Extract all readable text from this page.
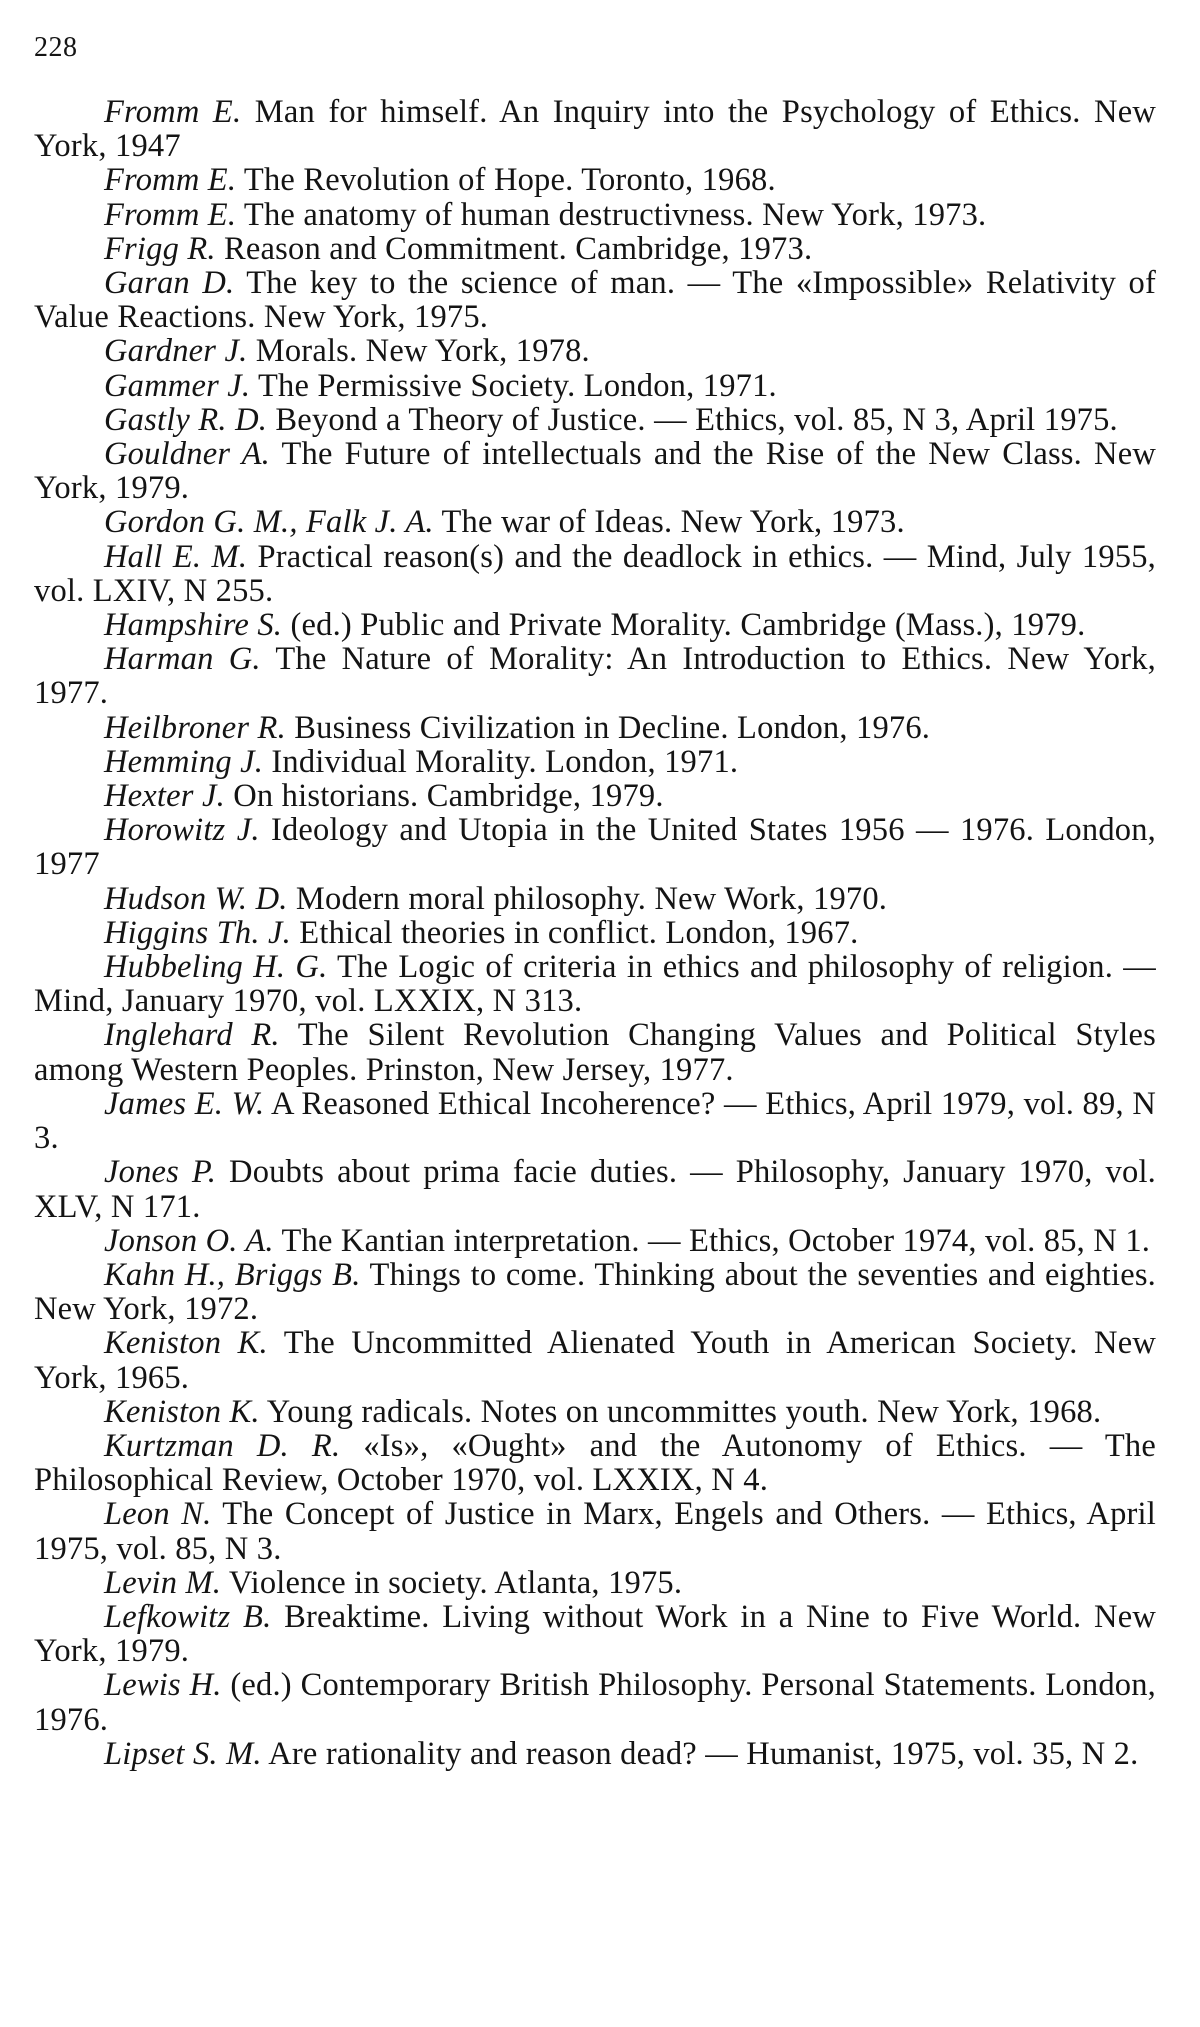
228

Fromm E. Man for himself. An Inquiry into the Psychology of Ethics. New York, 1947

Fromm E. The Revolution of Hope. Toronto, 1968.

Fromm E. The anatomy of human destructivness. New York, 1973.

Frigg R. Reason and Commitment. Cambridge, 1973.

Garan D. The key to the science of man. — The «Impossible» Relativity of Value Reactions. New York, 1975.

Gardner J. Morals. New York, 1978.

Gammer J. The Permissive Society. London, 1971.

Gastly R. D. Beyond a Theory of Justice. — Ethics, vol. 85, N 3, April 1975.

Gouldner A. The Future of intellectuals and the Rise of the New Class. New York, 1979.

Gordon G. M., Falk J. A. The war of Ideas. New York, 1973.

Hall E. M. Practical reason(s) and the deadlock in ethics. — Mind, July 1955, vol. LXIV, N 255.

Hampshire S. (ed.) Public and Private Morality. Cambridge (Mass.), 1979.

Harman G. The Nature of Morality: An Introduction to Ethics. New York, 1977.

Heilbroner R. Business Civilization in Decline. London, 1976.

Hemming J. Individual Morality. London, 1971.

Hexter J. On historians. Cambridge, 1979.

Horowitz J. Ideology and Utopia in the United States 1956 — 1976. London, 1977

Hudson W. D. Modern moral philosophy. New Work, 1970.

Higgins Th. J. Ethical theories in conflict. London, 1967.

Hubbeling H. G. The Logic of criteria in ethics and philosophy of religion. — Mind, January 1970, vol. LXXIX, N 313.

Inglehard R. The Silent Revolution Changing Values and Political Styles among Western Peoples. Prinston, New Jersey, 1977.

James E. W. A Reasoned Ethical Incoherence? — Ethics, April 1979, vol. 89, N 3.

Jones P. Doubts about prima facie duties. — Philosophy, January 1970, vol. XLV, N 171.

Jonson O. A. The Kantian interpretation. — Ethics, October 1974, vol. 85, N 1.

Kahn H., Briggs B. Things to come. Thinking about the seventies and eighties. New York, 1972.

Keniston K. The Uncommitted Alienated Youth in American Society. New York, 1965.

Keniston K. Young radicals. Notes on uncommittes youth. New York, 1968.

Kurtzman D. R. «Is», «Ought» and the Autonomy of Ethics. — The Philosophical Review, October 1970, vol. LXXIX, N 4.

Leon N. The Concept of Justice in Marx, Engels and Others. — Ethics, April 1975, vol. 85, N 3.

Levin M. Violence in society. Atlanta, 1975.

Lefkowitz B. Breaktime. Living without Work in a Nine to Five World. New York, 1979.

Lewis H. (ed.) Contemporary British Philosophy. Personal Statements. London, 1976.

Lipset S. M. Are rationality and reason dead? — Humanist, 1975, vol. 35, N 2.
